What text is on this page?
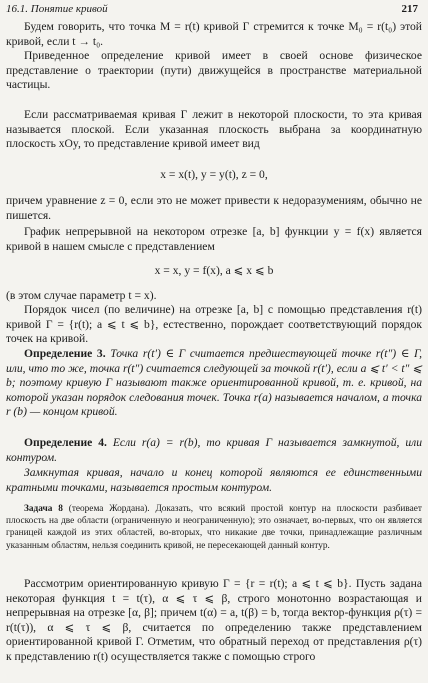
16.1. Понятие кривой	217

Будем говорить, что точка M = r(t) кривой Γ стремится к точке M₀ = r(t₀) этой кривой, если t → t₀.

Приведенное определение кривой имеет в своей основе физическое представление о траектории (пути) движущейся в пространстве материальной частицы.

Если рассматриваемая кривая Γ лежит в некоторой плоскости, то эта кривая называется плоской. Если указанная плоскость выбрана за координатную плоскость xOy, то представление кривой имеет вид

x = x(t), y = y(t), z = 0,

причем уравнение z = 0, если это не может привести к недоразумениям, обычно не пишется.

График непрерывной на некотором отрезке [a, b] функции y = f(x) является кривой в нашем смысле с представлением

x = x, y = f(x), a ⩽ x ⩽ b

(в этом случае параметр t = x).

Порядок чисел (по величине) на отрезке [a, b] с помощью представления r(t) кривой Γ = {r(t); a ⩽ t ⩽ b}, естественно, порождает соответствующий порядок точек на кривой.

Определение 3. Точка r(t′) ∈ Γ считается предшествующей точке r(t″) ∈ Γ, или, что то же, точка r(t″) считается следующей за точкой r(t′), если a ⩽ t′ < t″ ⩽ b; поэтому кривую Γ называют также ориентированной кривой, т. е. кривой, на которой указан порядок следования точек. Точка r(a) называется началом, а точка r (b) — концом кривой.

Определение 4. Если r(a) = r(b), то кривая Γ называется замкнутой, или контуром.

Замкнутая кривая, начало и конец которой являются ее единственными кратными точками, называется простым контуром.

Задача 8 (теорема Жордана). Доказать, что всякий простой контур на плоскости разбивает плоскость на две области (ограниченную и неограниченную); это означает, во-первых, что он является границей каждой из этих областей, во-вторых, что никакие две точки, принадлежащие различным указанным областям, нельзя соединить кривой, не пересекающей данный контур.

Рассмотрим ориентированную кривую Γ = {r = r(t); a ⩽ t ⩽ b}. Пусть задана некоторая функция t = t(τ), α ⩽ τ ⩽ β, строго монотонно возрастающая и непрерывная на отрезке [α, β]; причем t(α) = a, t(β) = b, тогда вектор-функция ρ(τ) = r(t(τ)), α ⩽ τ ⩽ β, считается по определению также представлением ориентированной кривой Γ. Отметим, что обратный переход от представления ρ(τ) к представлению r(t) осуществляется также с помощью строго
